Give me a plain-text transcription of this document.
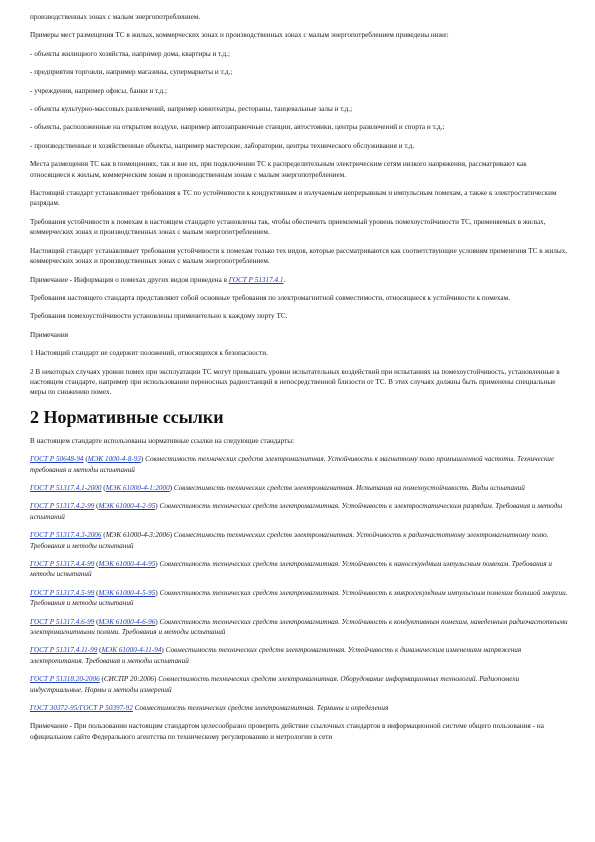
производственных зонах с малым энергопотреблением.

Примеры мест размещения ТС в жилых, коммерческих зонах и производственных зонах с малым энергопотреблением приведены ниже:

- объекты жилищного хозяйства, например дома, квартиры и т.д.;

- предприятия торговли, например магазины, супермаркеты и т.д.;

- учреждения, например офисы, банки и т.д.;

- объекты культурно-массовых развлечений, например кинотеатры, рестораны, танцевальные залы и т.д.;

- объекты, расположенные на открытом воздухе, например автозаправочные станции, автостоянки, центры развлечений и спорта и т.д.;

- производственные и хозяйственные объекты, например мастерские, лаборатории, центры технического обслуживания и т.д.

Места размещения ТС как в помещениях, так и вне их, при подключении ТС к распределительным электрическим сетям низкого напряжения, рассматривают как относящиеся к жилым, коммерческим зонам и производственным зонам с малым энергопотреблением.

Настоящий стандарт устанавливает требования к ТС по устойчивости к кондуктивным и излучаемым непрерывным и импульсным помехам, а также к электростатическим разрядам.

Требования устойчивости к помехам в настоящем стандарте установлены так, чтобы обеспечить приемлемый уровень помехоустойчивости ТС, применяемых в жилых, коммерческих зонах и производственных зонах с малым энергопотреблением.

Настоящий стандарт устанавливает требования устойчивости к помехам только тех видов, которые рассматриваются как соответствующие условиям применения ТС в жилых, коммерческих зонах и производственных зонах с малым энергопотреблением.

Примечание - Информация о помехах других видов приведена в ГОСТ Р 51317.4.1.

Требования настоящего стандарта представляют собой основные требования по электромагнитной совместимости, относящиеся к устойчивости к помехам.

Требования помехоустойчивости установлены применительно к каждому порту ТС.

Примечания

1 Настоящий стандарт не содержит положений, относящихся к безопасности.

2 В некоторых случаях уровни помех при эксплуатации ТС могут превышать уровни испытательных воздействий при испытаниях на помехоустойчивость, установленные в настоящем стандарте, например при использовании переносных радиостанций в непосредственной близости от ТС. В этих случаях должны быть применены специальные меры по снижению помех.

2 Нормативные ссылки

В настоящем стандарте использованы нормативные ссылки на следующие стандарты:

ГОСТ Р 50648-94 (МЭК 1000-4-8-93) Совместимость технических средств электромагнитная. Устойчивость к магнитному полю промышленной частоты. Технические требования и методы испытаний

ГОСТ Р 51317.4.1-2000 (МЭК 61000-4-1:2000) Совместимость технических средств электромагнитная. Испытания на помехоустойчивость. Виды испытаний

ГОСТ Р 51317.4.2-99 (МЭК 61000-4-2-95) Совместимость технических средств электромагнитная. Устойчивость к электростатическим разрядам. Требования и методы испытаний

ГОСТ Р 51317.4.3-2006 (МЭК 61000-4-3:2006) Совместимость технических средств электромагнитная. Устойчивость к радиочастотному электромагнитному полю. Требования и методы испытаний

ГОСТ Р 51317.4.4-99 (МЭК 61000-4-4-95) Совместимость технических средств электромагнитная. Устойчивость к наносекундным импульсным помехам. Требования и методы испытаний

ГОСТ Р 51317.4.5-99 (МЭК 61000-4-5-95) Совместимость технических средств электромагнитная. Устойчивость к микросекундным импульсным помехам большой энергии. Требования и методы испытаний

ГОСТ Р 51317.4.6-99 (МЭК 61000-4-6-96) Совместимость технических средств электромагнитная. Устойчивость к кондуктивным помехам, наведенным радиочастотными электромагнитными полями. Требования и методы испытаний

ГОСТ Р 51317.4.11-99 (МЭК 61000-4-11-94) Совместимость технических средств электромагнитная. Устойчивость к динамическим изменениям напряжения электропитания. Требования и методы испытаний

ГОСТ Р 51318.20-2006 (СИСПР 20:2006) Совместимость технических средств электромагнитная. Оборудование информационных технологий. Радиопомехи индустриальные. Нормы и методы измерений

ГОСТ 30372-95/ГОСТ Р 50397-92 Совместимость технических средств электромагнитная. Термины и определения

Примечание - При пользовании настоящим стандартом целесообразно проверить действие ссылочных стандартов в информационной системе общего пользования - на официальном сайте Федерального агентства по техническому регулированию и метрологии в сети
